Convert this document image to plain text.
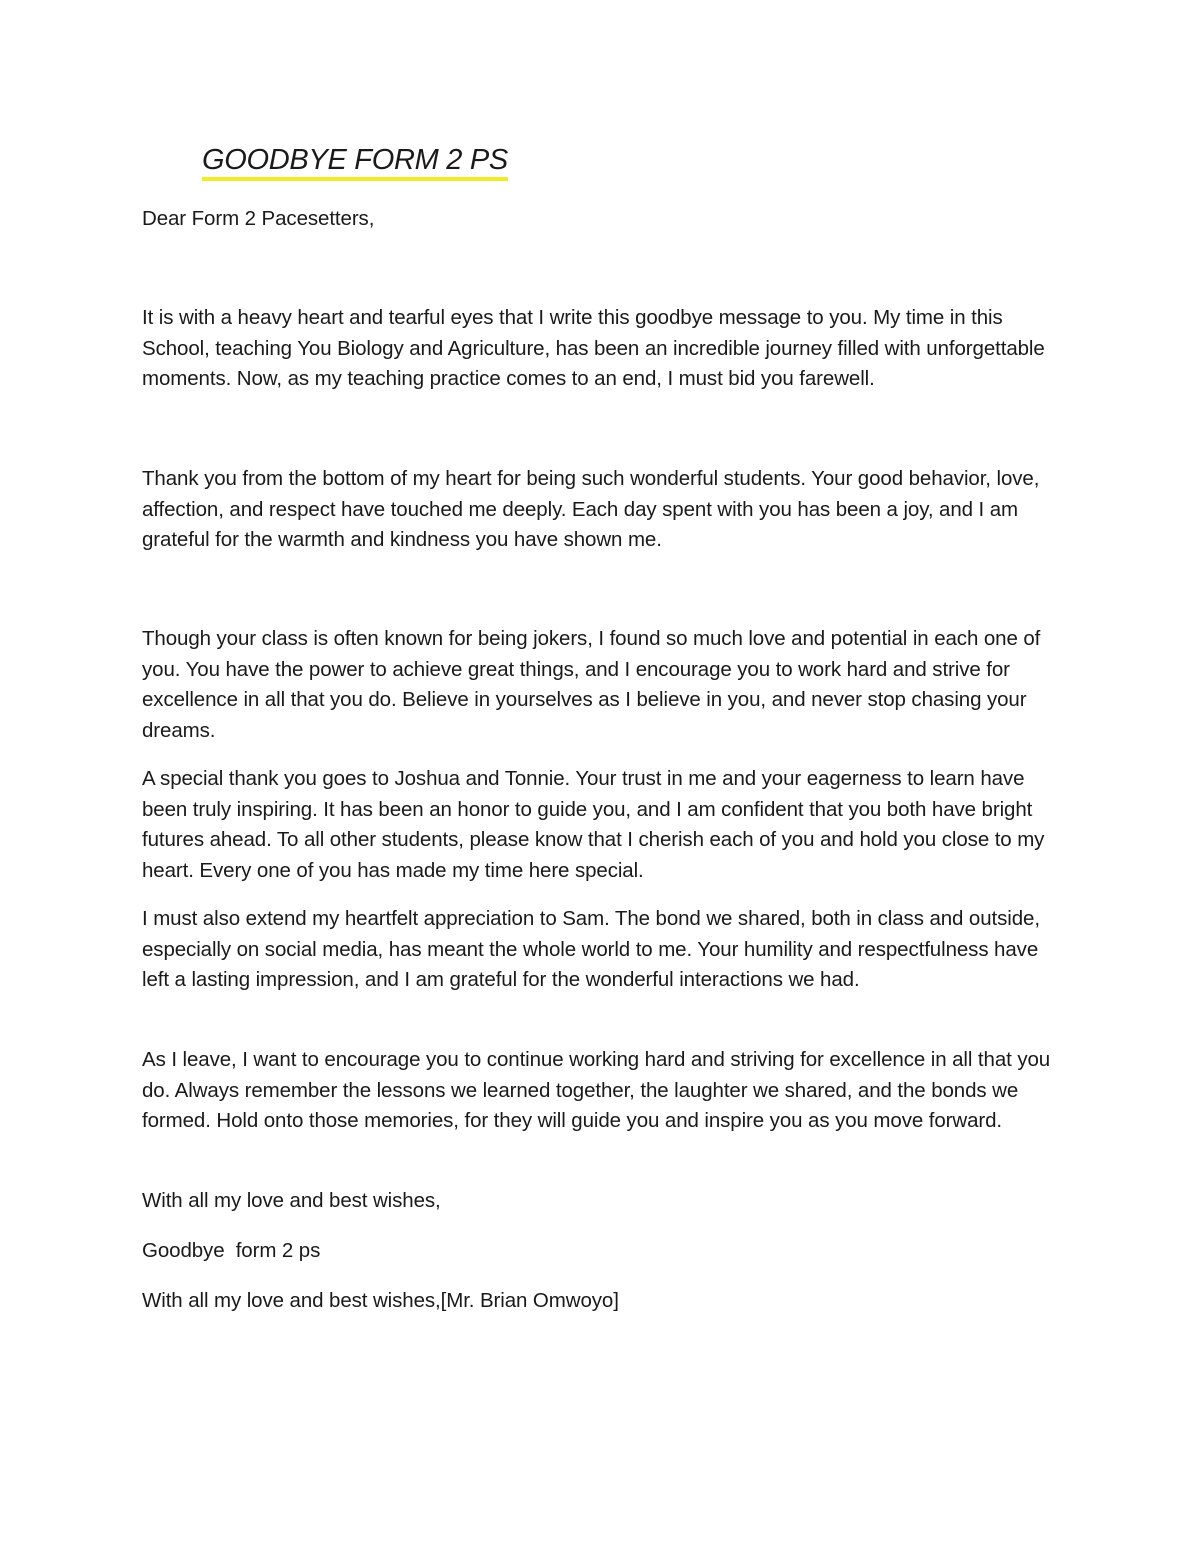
GOODBYE FORM 2 PS

Dear Form 2 Pacesetters,

It is with a heavy heart and tearful eyes that I write this goodbye message to you. My time in this School, teaching You Biology and Agriculture, has been an incredible journey filled with unforgettable moments. Now, as my teaching practice comes to an end, I must bid you farewell.

Thank you from the bottom of my heart for being such wonderful students. Your good behavior, love, affection, and respect have touched me deeply. Each day spent with you has been a joy, and I am grateful for the warmth and kindness you have shown me.

Though your class is often known for being jokers, I found so much love and potential in each one of you. You have the power to achieve great things, and I encourage you to work hard and strive for excellence in all that you do. Believe in yourselves as I believe in you, and never stop chasing your dreams.

A special thank you goes to Joshua and Tonnie. Your trust in me and your eagerness to learn have been truly inspiring. It has been an honor to guide you, and I am confident that you both have bright futures ahead. To all other students, please know that I cherish each of you and hold you close to my heart. Every one of you has made my time here special.

I must also extend my heartfelt appreciation to Sam. The bond we shared, both in class and outside, especially on social media, has meant the whole world to me. Your humility and respectfulness have left a lasting impression, and I am grateful for the wonderful interactions we had.

As I leave, I want to encourage you to continue working hard and striving for excellence in all that you do. Always remember the lessons we learned together, the laughter we shared, and the bonds we formed. Hold onto those memories, for they will guide you and inspire you as you move forward.

With all my love and best wishes,

Goodbye  form 2 ps

With all my love and best wishes,[Mr. Brian Omwoyo]
